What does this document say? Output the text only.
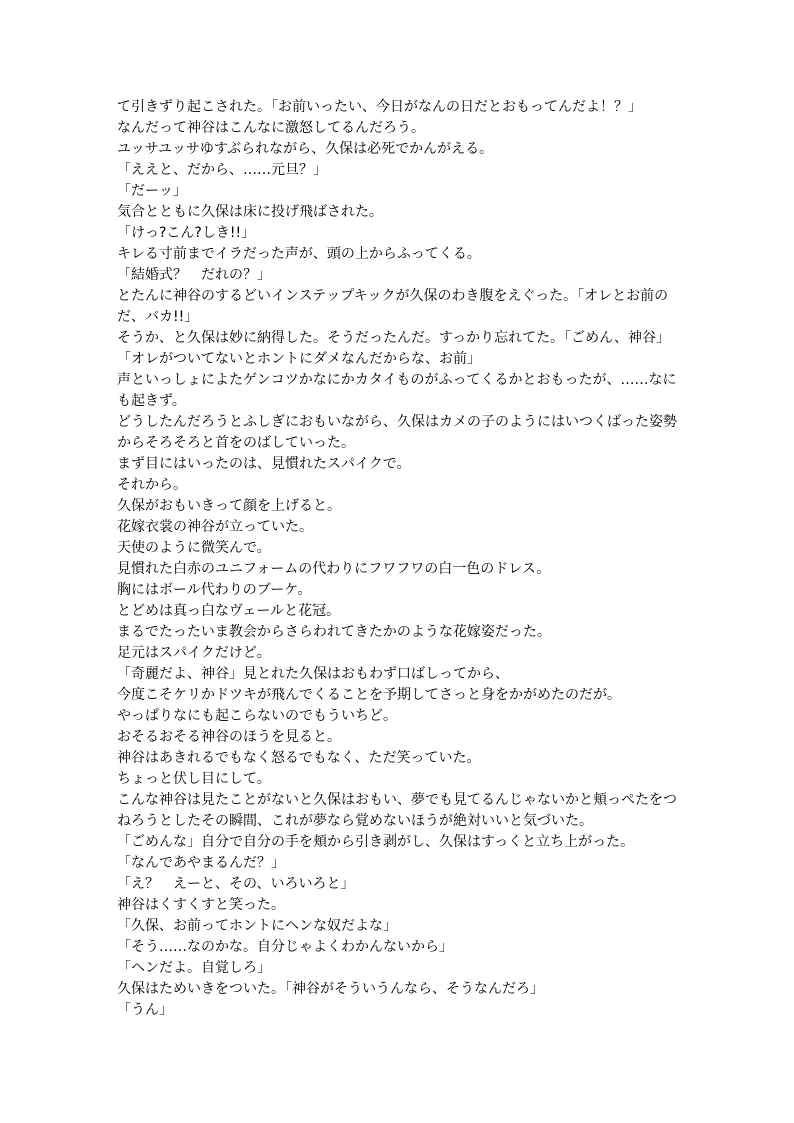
て引きずり起こされた。「お前いったい、今日がなんの日だとおもってんだよ！？」
なんだって神谷はこんなに激怒してるんだろう。
ユッサユッサゆすぶられながら、久保は必死でかんがえる。
「ええと、だから、……元旦？」
「だーッ」
気合とともに久保は床に投げ飛ばされた。
「けっ?こん?しき!!」
キレる寸前までイラだった声が、頭の上からふってくる。
「結婚式？　だれの？」
とたんに神谷のするどいインステップキックが久保のわき腹をえぐった。「オレとお前の
だ、バカ!!」
そうか、と久保は妙に納得した。そうだったんだ。すっかり忘れてた。「ごめん、神谷」
「オレがついてないとホントにダメなんだからな、お前」
声といっしょによたゲンコツかなにかカタイものがふってくるかとおもったが、……なに
も起きず。
どうしたんだろうとふしぎにおもいながら、久保はカメの子のようにはいつくばった姿勢
からそろそろと首をのばしていった。
まず目にはいったのは、見慣れたスパイクで。
それから。
久保がおもいきって顔を上げると。
花嫁衣裳の神谷が立っていた。
天使のように微笑んで。
見慣れた白赤のユニフォームの代わりにフワフワの白一色のドレス。
胸にはボール代わりのブーケ。
とどめは真っ白なヴェールと花冠。
まるでたったいま教会からさらわれてきたかのような花嫁姿だった。
足元はスパイクだけど。
「奇麗だよ、神谷」見とれた久保はおもわず口ばしってから、
今度こそケリかドツキが飛んでくることを予期してさっと身をかがめたのだが。
やっぱりなにも起こらないのでもういちど。
おそるおそる神谷のほうを見ると。
神谷はあきれるでもなく怒るでもなく、ただ笑っていた。
ちょっと伏し目にして。
こんな神谷は見たことがないと久保はおもい、夢でも見てるんじゃないかと頬っぺたをつ
ねろうとしたその瞬間、これが夢なら覚めないほうが絶対いいと気づいた。
「ごめんな」自分で自分の手を頬から引き剥がし、久保はすっくと立ち上がった。
「なんであやまるんだ？」
「え？　えーと、その、いろいろと」
神谷はくすくすと笑った。
「久保、お前ってホントにヘンな奴だよな」
「そう……なのかな。自分じゃよくわかんないから」
「ヘンだよ。自覚しろ」
久保はためいきをついた。「神谷がそういうんなら、そうなんだろ」
「うん」
